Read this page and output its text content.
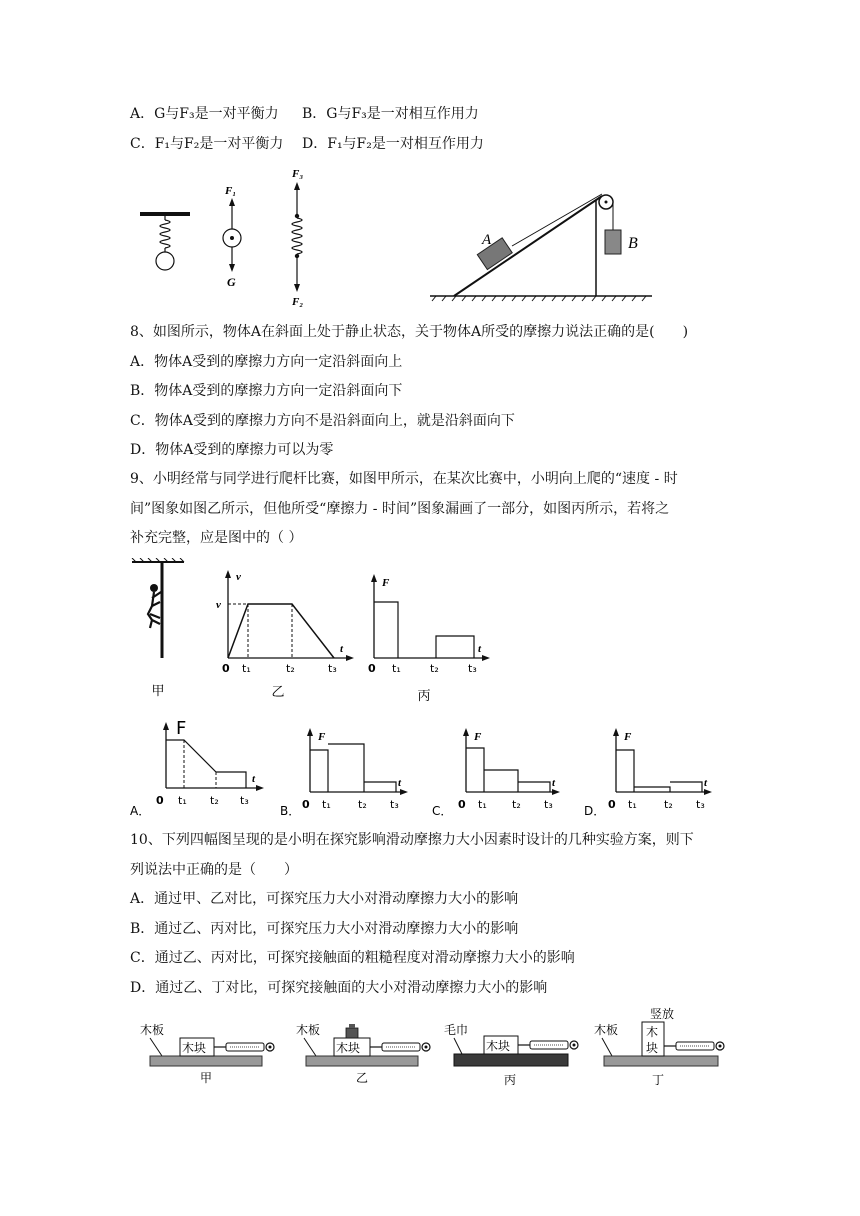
A．G与F₃是一对平衡力 B．G与F₃是一对相互作用力
C．F₁与F₂是一对平衡力 D．F₁与F₂是一对相互作用力
F₁
G
F₃
F₂
A	B
8、如图所示，物体A在斜面上处于静止状态，关于物体A所受的摩擦力说法正确的是(　　)
A．物体A受到的摩擦力方向一定沿斜面向上
B．物体A受到的摩擦力方向一定沿斜面向下
C．物体A受到的摩擦力方向不是沿斜面向上，就是沿斜面向下
D．物体A受到的摩擦力可以为零
9、小明经常与同学进行爬杆比赛，如图甲所示，在某次比赛中，小明向上爬的“速度 - 时
间”图象如图乙所示，但他所受“摩擦力 - 时间”图象漏画了一部分，如图丙所示，若将之
补充完整，应是图中的（ ）
甲
v
v
t
0 t₁	t₂	t₃
乙
F
t
0 t₁	t₂	t₃
丙
A．
F
t
0 t₁ t₂ t₃
B．
F
t
0 t₁ t₂ t₃	C．
F
t
0 t₁ t₂ t₃	D．
F
t
0 t₁ t₂ t₃
10、下列四幅图呈现的是小明在探究影响滑动摩擦力大小因素时设计的几种实验方案，则下
列说法中正确的是（　　）
A．通过甲、乙对比，可探究压力大小对滑动摩擦力大小的影响
B．通过乙、丙对比，可探究压力大小对滑动摩擦力大小的影响
C．通过乙、丙对比，可探究接触面的粗糙程度对滑动摩擦力大小的影响
D．通过乙、丁对比，可探究接触面的大小对滑动摩擦力大小的影响
木板
木块
甲
木板
木块
乙
毛巾
木块
丙
竖放
木板 木
块
丁
